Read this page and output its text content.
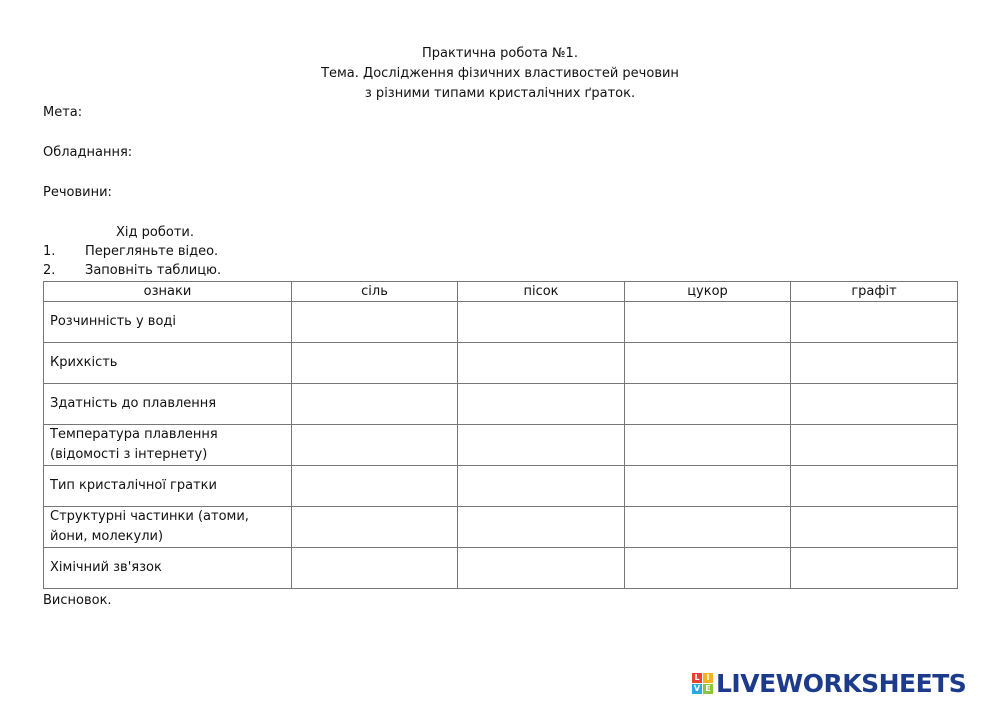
Практична робота №1.
Тема. Дослідження фізичних властивостей речовин
з різними типами кристалічних ґраток.
Мета:
Обладнання:
Речовини:
Хід роботи.
1. Перегляньте відео.
2. Заповніть таблицю.
ознаки	сіль	пісок	цукор	графіт

Розчинність у воді				

Крихкість				

Здатність до плавлення				

Температура плавлення
(відомості з інтернету)				

Тип кристалічної гратки				

Структурні частинки (атоми,
йони, молекули)				

Хімічний зв'язок				

Висновок.
L I
V E LIVEWORKSHEETS
